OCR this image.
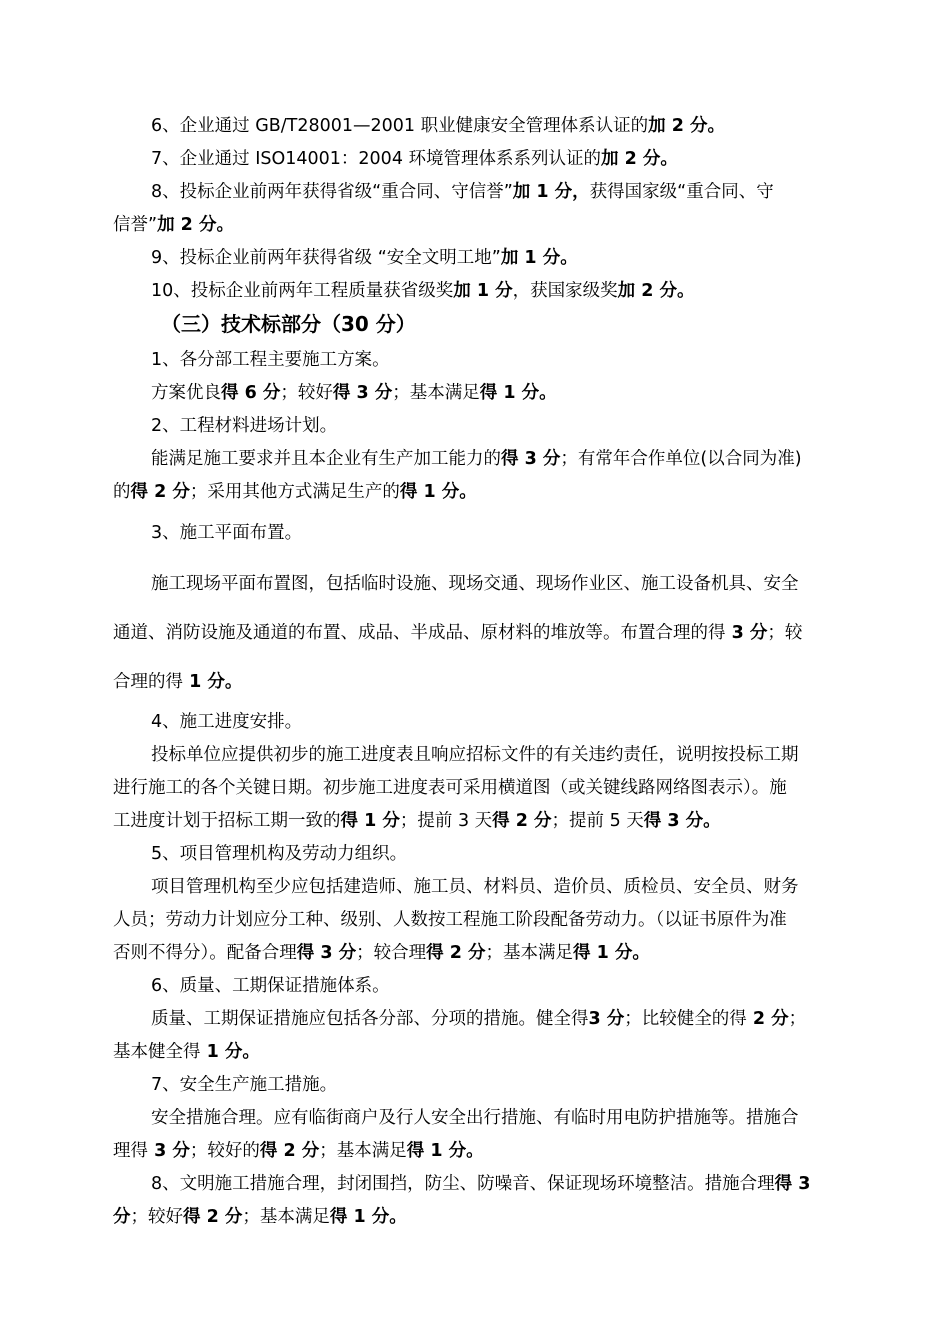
6、企业通过 GB/T28001—2001 职业健康安全管理体系认证的加 2 分。

7、企业通过 ISO14001：2004 环境管理体系系列认证的加 2 分。

8、投标企业前两年获得省级“重合同、守信誉”加 1 分，获得国家级“重合同、守

信誉”加 2 分。

9、投标企业前两年获得省级 “安全文明工地”加 1 分。

10、投标企业前两年工程质量获省级奖加 1 分，获国家级奖加 2 分。

（三）技术标部分（30 分）

1、各分部工程主要施工方案。

方案优良得 6 分；较好得 3 分；基本满足得 1 分。

2、工程材料进场计划。

能满足施工要求并且本企业有生产加工能力的得 3 分；有常年合作单位(以合同为准)

的得 2 分；采用其他方式满足生产的得 1 分。

3、施工平面布置。

施工现场平面布置图，包括临时设施、现场交通、现场作业区、施工设备机具、安全

通道、消防设施及通道的布置、成品、半成品、原材料的堆放等。布置合理的得 3 分；较

合理的得 1 分。

4、施工进度安排。

投标单位应提供初步的施工进度表且响应招标文件的有关违约责任，说明按投标工期

进行施工的各个关键日期。初步施工进度表可采用横道图（或关键线路网络图表示）。施

工进度计划于招标工期一致的得 1 分；提前 3 天得 2 分；提前 5 天得 3 分。

5、项目管理机构及劳动力组织。

项目管理机构至少应包括建造师、施工员、材料员、造价员、质检员、安全员、财务

人员；劳动力计划应分工种、级别、人数按工程施工阶段配备劳动力。（以证书原件为准

否则不得分）。配备合理得 3 分；较合理得 2 分；基本满足得 1 分。

6、质量、工期保证措施体系。

质量、工期保证措施应包括各分部、分项的措施。健全得3 分；比较健全的得 2 分；

基本健全得 1 分。

7、安全生产施工措施。

安全措施合理。应有临街商户及行人安全出行措施、有临时用电防护措施等。措施合

理得 3 分；较好的得 2 分；基本满足得 1 分。

8、文明施工措施合理，封闭围挡，防尘、防噪音、保证现场环境整洁。措施合理得 3

分；较好得 2 分；基本满足得 1 分。
